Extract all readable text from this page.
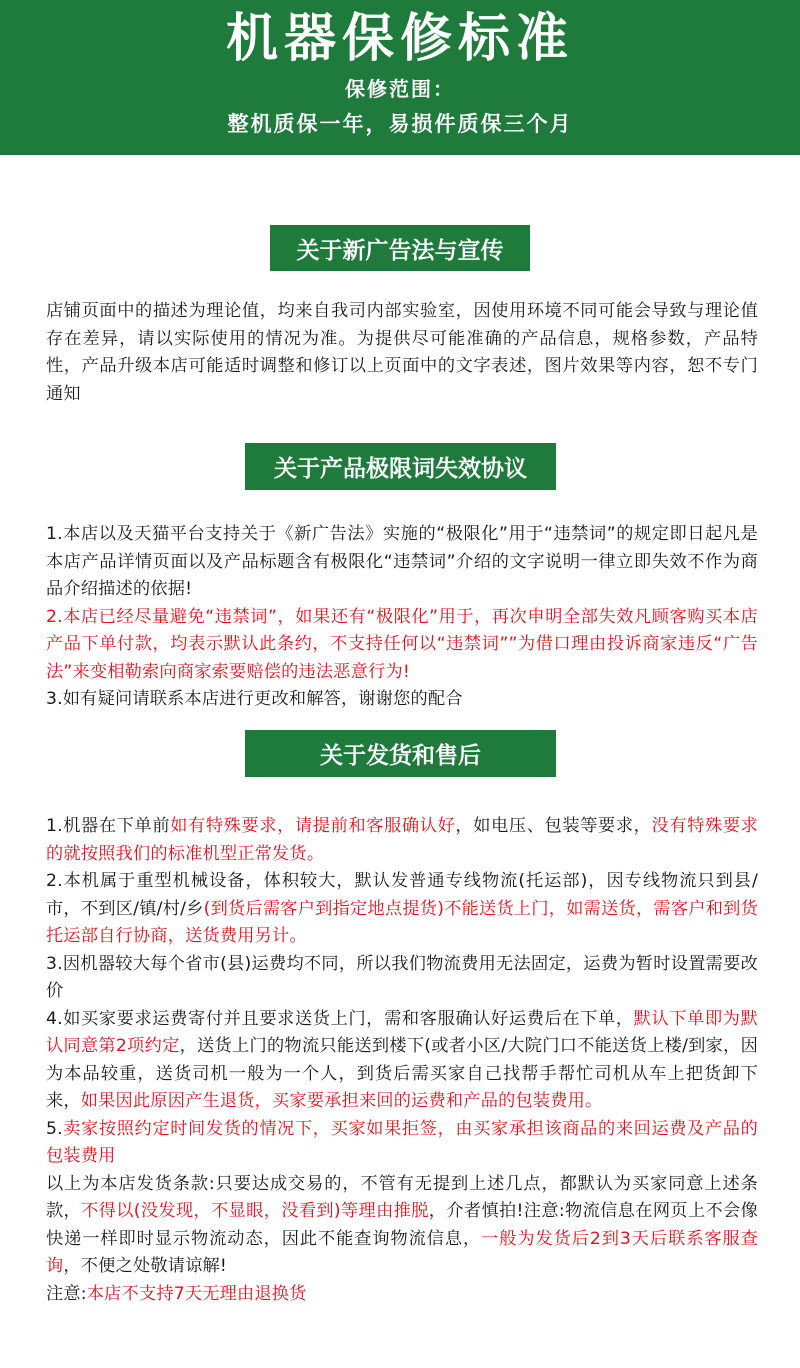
机器保修标准
保修范围：
整机质保一年，易损件质保三个月
关于新广告法与宣传
店铺页面中的描述为理论值，均来自我司内部实验室，因使用环境不同可能会导致与理论值存在差异，请以实际使用的情况为准。为提供尽可能准确的产品信息，规格参数，产品特性，产品升级本店可能适时调整和修订以上页面中的文字表述，图片效果等内容，恕不专门通知
关于产品极限词失效协议
1.本店以及天猫平台支持关于《新广告法》实施的“极限化”用于“违禁词”的规定即日起凡是本店产品详情页面以及产品标题含有极限化“违禁词”介绍的文字说明一律立即失效不作为商品介绍描述的依据!
2.本店已经尽量避免“违禁词”，如果还有“极限化”用于，再次申明全部失效凡顾客购买本店产品下单付款，均表示默认此条约，不支持任何以“违禁词””为借口理由投诉商家违反“广告法”来变相勒索向商家索要赔偿的违法恶意行为!
3.如有疑问请联系本店进行更改和解答，谢谢您的配合
关于发货和售后
1.机器在下单前如有特殊要求，请提前和客服确认好，如电压、包装等要求，没有特殊要求的就按照我们的标准机型正常发货。
2.本机属于重型机械设备，体积较大，默认发普通专线物流(托运部)，因专线物流只到县/市，不到区/镇/村/乡(到货后需客户到指定地点提货)不能送货上门，如需送货，需客户和到货托运部自行协商，送货费用另计。
3.因机器较大每个省市(县)运费均不同，所以我们物流费用无法固定，运费为暂时设置需要改价
4.如买家要求运费寄付并且要求送货上门，需和客服确认好运费后在下单，默认下单即为默认同意第2项约定，送货上门的物流只能送到楼下(或者小区/大院门口不能送货上楼/到家，因为本品较重，送货司机一般为一个人，到货后需买家自己找帮手帮忙司机从车上把货卸下来，如果因此原因产生退货，买家要承担来回的运费和产品的包装费用。
5.卖家按照约定时间发货的情况下，买家如果拒签，由买家承担该商品的来回运费及产品的包装费用
以上为本店发货条款:只要达成交易的，不管有无提到上述几点，都默认为买家同意上述条款，不得以(没发现，不显眼，没看到)等理由推脱，介者慎拍!注意:物流信息在网页上不会像快递一样即时显示物流动态，因此不能查询物流信息，一般为发货后2到3天后联系客服查询，不便之处敬请谅解!
注意:本店不支持7天无理由退换货
